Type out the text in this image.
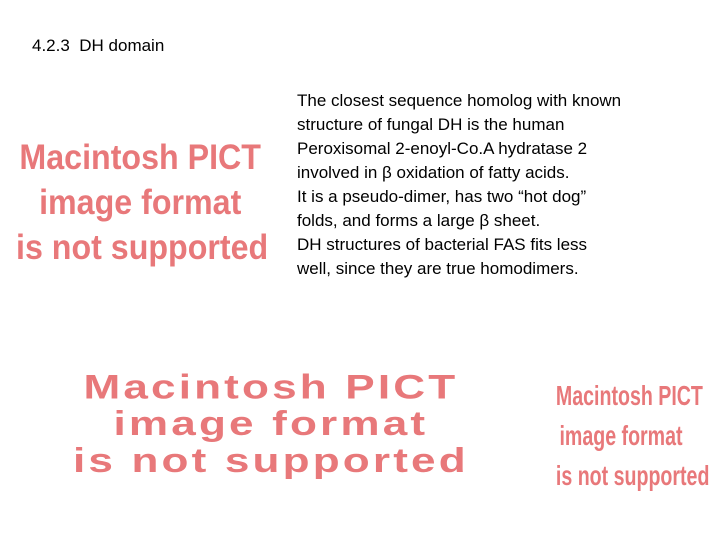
4.2.3  DH domain
The closest sequence homolog with known
structure of fungal DH is the human
Peroxisomal 2-enoyl-Co.A hydratase 2
involved in β oxidation of fatty acids.
It is a pseudo-dimer, has two “hot dog”
folds, and forms a large β sheet.
DH structures of bacterial FAS fits less
well, since they are true homodimers.
Macintosh PICT
image format
is not supported
Macintosh PICT
image format
is not supported
Macintosh PICT
image format
is not supported
